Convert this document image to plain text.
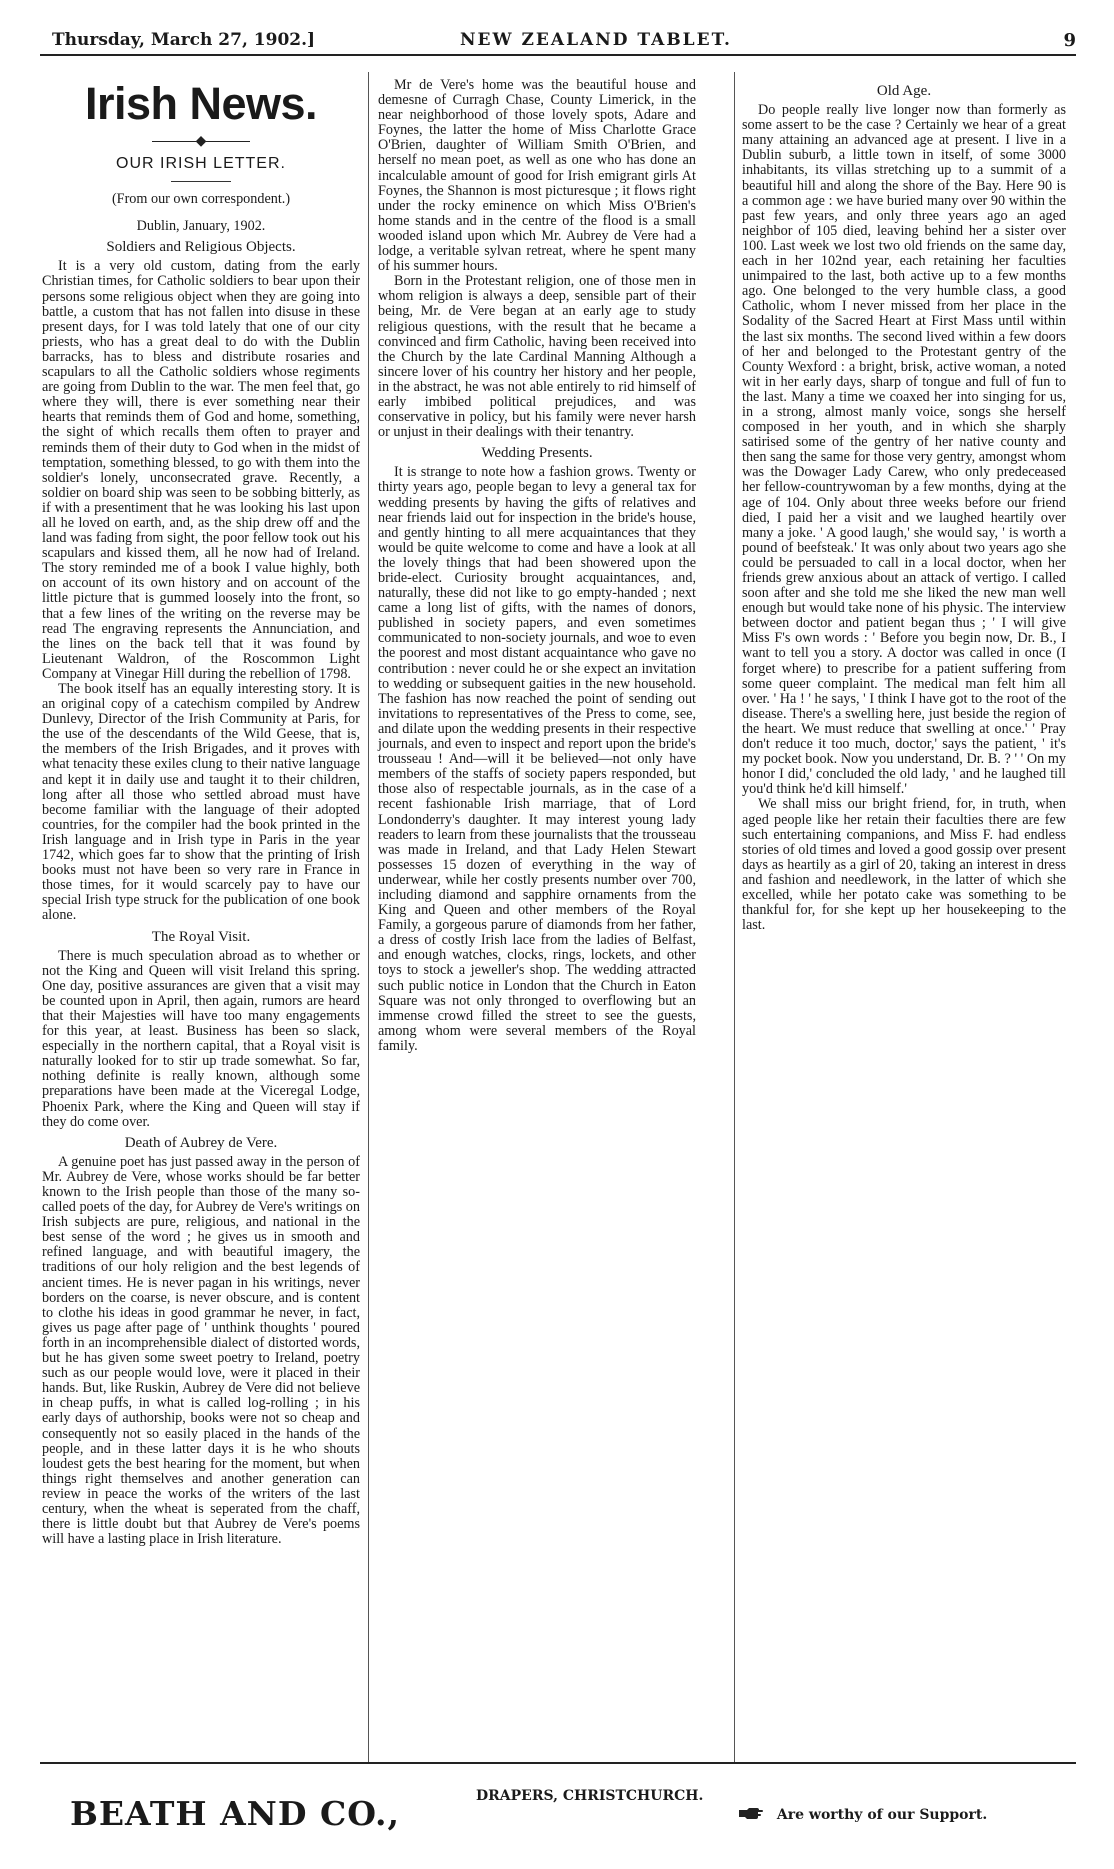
Thursday, March 27, 1902.]	NEW ZEALAND TABLET.	9
Irish News.
◆
OUR IRISH LETTER.

(From our own correspondent.)

Dublin, January, 1902.

Soldiers and Religious Objects.

It is a very old custom, dating from the early Christian times, for Catholic soldiers to bear upon their persons some religious object when they are going into battle, a custom that has not fallen into disuse in these present days, for I was told lately that one of our city priests, who has a great deal to do with the Dublin barracks, has to bless and distribute rosaries and scapulars to all the Catholic soldiers whose regiments are going from Dublin to the war. The men feel that, go where they will, there is ever something near their hearts that reminds them of God and home, something, the sight of which recalls them often to prayer and reminds them of their duty to God when in the midst of temptation, something blessed, to go with them into the soldier's lonely, unconsecrated grave. Recently, a soldier on board ship was seen to be sobbing bitterly, as if with a presentiment that he was looking his last upon all he loved on earth, and, as the ship drew off and the land was fading from sight, the poor fellow took out his scapulars and kissed them, all he now had of Ireland. The story reminded me of a book I value highly, both on account of its own history and on account of the little picture that is gummed loosely into the front, so that a few lines of the writing on the reverse may be read The engraving represents the Annunciation, and the lines on the back tell that it was found by Lieutenant Waldron, of the Roscommon Light Company at Vinegar Hill during the rebellion of 1798.

The book itself has an equally interesting story. It is an original copy of a catechism compiled by Andrew Dunlevy, Director of the Irish Community at Paris, for the use of the descendants of the Wild Geese, that is, the members of the Irish Brigades, and it proves with what tenacity these exiles clung to their native language and kept it in daily use and taught it to their children, long after all those who settled abroad must have become familiar with the language of their adopted countries, for the compiler had the book printed in the Irish language and in Irish type in Paris in the year 1742, which goes far to show that the printing of Irish books must not have been so very rare in France in those times, for it would scarcely pay to have our special Irish type struck for the publication of one book alone.

The Royal Visit.

There is much speculation abroad as to whether or not the King and Queen will visit Ireland this spring. One day, positive assurances are given that a visit may be counted upon in April, then again, rumors are heard that their Majesties will have too many engagements for this year, at least. Business has been so slack, especially in the northern capital, that a Royal visit is naturally looked for to stir up trade somewhat. So far, nothing definite is really known, although some preparations have been made at the Viceregal Lodge, Phoenix Park, where the King and Queen will stay if they do come over.

Death of Aubrey de Vere.

A genuine poet has just passed away in the person of Mr. Aubrey de Vere, whose works should be far better known to the Irish people than those of the many so-called poets of the day, for Aubrey de Vere's writings on Irish subjects are pure, religious, and national in the best sense of the word ; he gives us in smooth and refined language, and with beautiful imagery, the traditions of our holy religion and the best legends of ancient times. He is never pagan in his writings, never borders on the coarse, is never obscure, and is content to clothe his ideas in good grammar he never, in fact, gives us page after page of ' unthink thoughts ' poured forth in an incomprehensible dialect of distorted words, but he has given some sweet poetry to Ireland, poetry such as our people would love, were it placed in their hands. But, like Ruskin, Aubrey de Vere did not believe in cheap puffs, in what is called log-rolling ; in his early days of authorship, books were not so cheap and consequently not so easily placed in the hands of the people, and in these latter days it is he who shouts loudest gets the best hearing for the moment, but when things right themselves and another generation can review in peace the works of the writers of the last century, when the wheat is seperated from the chaff, there is little doubt but that Aubrey de Vere's poems will have a lasting place in Irish literature.

Mr de Vere's home was the beautiful house and demesne of Curragh Chase, County Limerick, in the near neighborhood of those lovely spots, Adare and Foynes, the latter the home of Miss Charlotte Grace O'Brien, daughter of William Smith O'Brien, and herself no mean poet, as well as one who has done an incalculable amount of good for Irish emigrant girls At Foynes, the Shannon is most picturesque ; it flows right under the rocky eminence on which Miss O'Brien's home stands and in the centre of the flood is a small wooded island upon which Mr. Aubrey de Vere had a lodge, a veritable sylvan retreat, where he spent many of his summer hours.

Born in the Protestant religion, one of those men in whom religion is always a deep, sensible part of their being, Mr. de Vere began at an early age to study religious questions, with the result that he became a convinced and firm Catholic, having been received into the Church by the late Cardinal Manning Although a sincere lover of his country her history and her people, in the abstract, he was not able entirely to rid himself of early imbibed political prejudices, and was conservative in policy, but his family were never harsh or unjust in their dealings with their tenantry.

Wedding Presents.

It is strange to note how a fashion grows. Twenty or thirty years ago, people began to levy a general tax for wedding presents by having the gifts of relatives and near friends laid out for inspection in the bride's house, and gently hinting to all mere acquaintances that they would be quite welcome to come and have a look at all the lovely things that had been showered upon the bride-elect. Curiosity brought acquaintances, and, naturally, these did not like to go empty-handed ; next came a long list of gifts, with the names of donors, published in society papers, and even sometimes communicated to non-society journals, and woe to even the poorest and most distant acquaintance who gave no contribution : never could he or she expect an invitation to wedding or subsequent gaities in the new household. The fashion has now reached the point of sending out invitations to representatives of the Press to come, see, and dilate upon the wedding presents in their respective journals, and even to inspect and report upon the bride's trousseau ! And—will it be believed—not only have members of the staffs of society papers responded, but those also of respectable journals, as in the case of a recent fashionable Irish marriage, that of Lord Londonderry's daughter. It may interest young lady readers to learn from these journalists that the trousseau was made in Ireland, and that Lady Helen Stewart possesses 15 dozen of everything in the way of underwear, while her costly presents number over 700, including diamond and sapphire ornaments from the King and Queen and other members of the Royal Family, a gorgeous parure of diamonds from her father, a dress of costly Irish lace from the ladies of Belfast, and enough watches, clocks, rings, lockets, and other toys to stock a jeweller's shop. The wedding attracted such public notice in London that the Church in Eaton Square was not only thronged to overflowing but an immense crowd filled the street to see the guests, among whom were several members of the Royal family.

Old Age.

Do people really live longer now than formerly as some assert to be the case ? Certainly we hear of a great many attaining an advanced age at present. I live in a Dublin suburb, a little town in itself, of some 3000 inhabitants, its villas stretching up to a summit of a beautiful hill and along the shore of the Bay. Here 90 is a common age : we have buried many over 90 within the past few years, and only three years ago an aged neighbor of 105 died, leaving behind her a sister over 100. Last week we lost two old friends on the same day, each in her 102nd year, each retaining her faculties unimpaired to the last, both active up to a few months ago. One belonged to the very humble class, a good Catholic, whom I never missed from her place in the Sodality of the Sacred Heart at First Mass until within the last six months. The second lived within a few doors of her and belonged to the Protestant gentry of the County Wexford : a bright, brisk, active woman, a noted wit in her early days, sharp of tongue and full of fun to the last. Many a time we coaxed her into singing for us, in a strong, almost manly voice, songs she herself composed in her youth, and in which she sharply satirised some of the gentry of her native county and then sang the same for those very gentry, amongst whom was the Dowager Lady Carew, who only predeceased her fellow-countrywoman by a few months, dying at the age of 104. Only about three weeks before our friend died, I paid her a visit and we laughed heartily over many a joke. ' A good laugh,' she would say, ' is worth a pound of beefsteak.' It was only about two years ago she could be persuaded to call in a local doctor, when her friends grew anxious about an attack of vertigo. I called soon after and she told me she liked the new man well enough but would take none of his physic. The interview between doctor and patient began thus ; ' I will give Miss F's own words : ' Before you begin now, Dr. B., I want to tell you a story. A doctor was called in once (I forget where) to prescribe for a patient suffering from some queer complaint. The medical man felt him all over. ' Ha ! ' he says, ' I think I have got to the root of the disease. There's a swelling here, just beside the region of the heart. We must reduce that swelling at once.' ' Pray don't reduce it too much, doctor,' says the patient, ' it's my pocket book. Now you understand, Dr. B. ? ' ' On my honor I did,' concluded the old lady, ' and he laughed till you'd think he'd kill himself.'

We shall miss our bright friend, for, in truth, when aged people like her retain their faculties there are few such entertaining companions, and Miss F. had endless stories of old times and loved a good gossip over present days as heartily as a girl of 20, taking an interest in dress and fashion and needlework, in the latter of which she excelled, while her potato cake was something to be thankful for, for she kept up her housekeeping to the last.

BEATH AND CO.,	DRAPERS, CHRISTCHURCH.
Are worthy of our Support.
